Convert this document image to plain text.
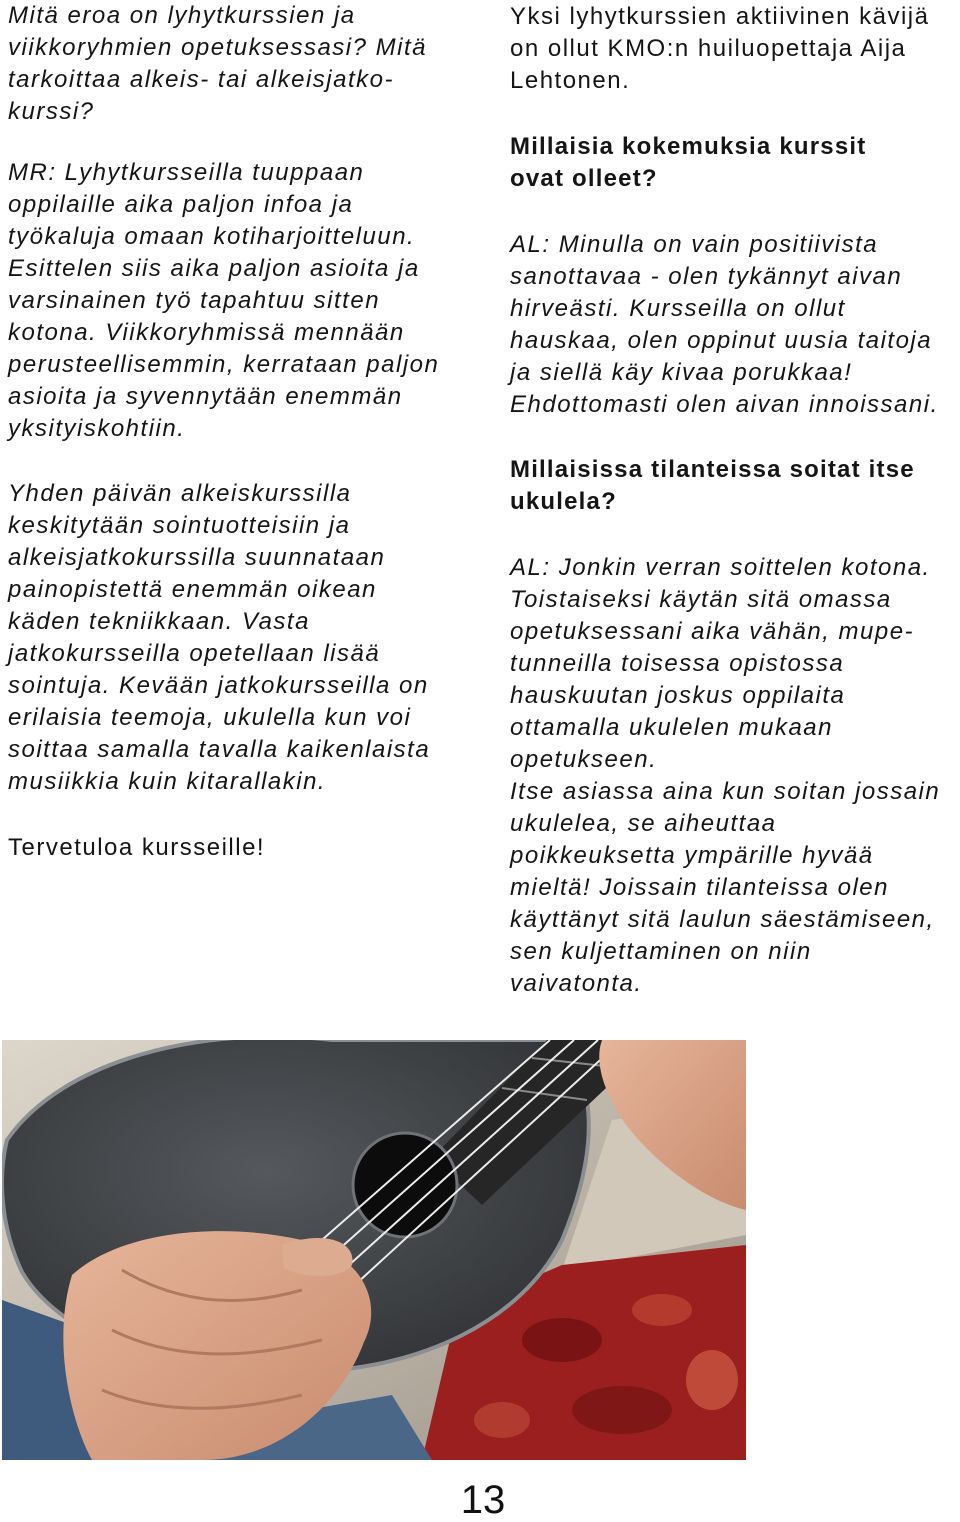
Mitä eroa on lyhytkurssien ja
viikkoryhmien opetuksessasi? Mitä
tarkoittaa alkeis- tai alkeisjatko-
kurssi?
MR: Lyhytkursseilla tuuppaan
oppilaille aika paljon infoa ja
työkaluja omaan kotiharjoitteluun.
Esittelen siis aika paljon asioita ja
varsinainen työ tapahtuu sitten
kotona. Viikkoryhmissä mennään
perusteellisemmin, kerrataan paljon
asioita ja syvennytään enemmän
yksityiskohtiin.
Yhden päivän alkeiskurssilla
keskitytään sointuotteisiin ja
alkeisjatkokurssilla suunnataan
painopistettä enemmän oikean
käden tekniikkaan. Vasta
jatkokursseilla opetellaan lisää
sointuja. Kevään jatkokursseilla on
erilaisia teemoja, ukulella kun voi
soittaa samalla tavalla kaikenlaista
musiikkia kuin kitarallakin.
Tervetuloa kursseille!
Yksi lyhytkurssien aktiivinen kävijä
on ollut KMO:n huiluopettaja Aija
Lehtonen.
Millaisia kokemuksia kurssit
ovat olleet?
AL: Minulla on vain positiivista
sanottavaa - olen tykännyt aivan
hirveästi. Kursseilla on ollut
hauskaa, olen oppinut uusia taitoja
ja siellä käy kivaa porukkaa!
Ehdottomasti olen aivan innoissani.
Millaisissa tilanteissa soitat itse
ukulela?
AL: Jonkin verran soittelen kotona.
Toistaiseksi käytän sitä omassa
opetuksessani aika vähän, mupe-
tunneilla toisessa opistossa
hauskuutan joskus oppilaita
ottamalla ukulelen mukaan
opetukseen.
Itse asiassa aina kun soitan jossain
ukulelea, se aiheuttaa
poikkeuksetta ympärille hyvää
mieltä! Joissain tilanteissa olen
käyttänyt sitä laulun säestämiseen,
sen kuljettaminen on niin
vaivatonta.
13
